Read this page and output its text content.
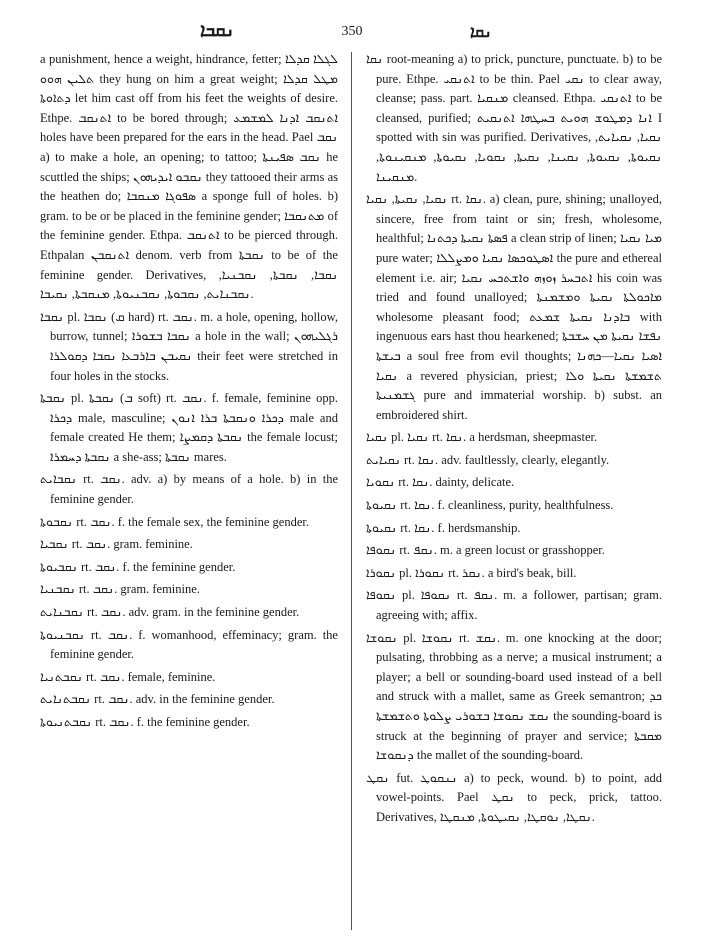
ܢܩܒܐ	350	ܢܩܐ

a punishment, hence a weight, hindrance, fetter; ܠܓܠܐ ܩܕܠܐ ܬܠܝܢ ܗܘܘ they hung on him a great weight; ܡܛܠ ܩܕܠܐ ܕܬܐܘܬܐ let him cast off from his feet the weights of desire. Ethpe. ܐܬܢܩܒ to be bored through; ܐܬܢܩܒ ܐܕܢܐ ܠܡܫܡܥ holes have been prepared for the ears in the head. Pael ܢܩܒ a) to make a hole, an opening; to tattoo; ܢܩܒ ܣܦܝܢܬܐ he scuttled the ships; ܢܩܒܘ ܐܝܕܝܗܘܢ they tattooed their arms as the heathen do; ܣܦܘܓܐ ܡܢܩܒܐ a sponge full of holes. b) gram. to be or be placed in the feminine gender; ܡܬܢܩܒܐ of the feminine gender. Ethpa. ܐܬܢܩܒ to be pierced through. Ethpalan ܐܬܢܩܒܢ denom. verb from ܢܩܒܬܐ to be of the feminine gender. Derivatives, ܢܩܒܐ, ܢܩܒܬܐ, ܢܩܒܢܝܐ, ܢܩܒܢܐܝܬ, ܢܩܒܘܬܐ, ܢܩܒܢܝܘܬܐ, ܡܢܩܒܬܐ, ܢܩܝܒܐ.

ܢܩܒܐ pl. ܢܩܒܐ (ܩ hard) rt. ܢܩܒ. m. a hole, opening, hollow, burrow, tunnel; ܢܩܒܐ ܒܫܘܪܐ a hole in the wall; ܪܓܠܝܗܘܢ ܢܩܝܒܢ ܒܐܪܒܥܐ ܢܩܒܐ ܕܩܘܠܪܐ their feet were stretched in four holes in the stocks.

ܢܩܒܬܐ pl. ܢܩܒܬܐ (ܒ soft) rt. ܢܩܒ. f. female, feminine opp. ܕܟܪܐ male, masculine; ܕܟܪܐ ܘܢܩܒܬܐ ܒܪܐ ܐܢܘܢ male and female created He them; ܢܩܒܬܐ ܕܩܡܨܐ the female locust; ܢܩܒܬܐ ܕܚܡܪܐ a she-ass; ܢܩܒܬܐ mares.

ܢܩܒܐܝܬ rt. ܢܩܒ. adv. a) by means of a hole. b) in the feminine gender.

ܢܩܒܘܬܐ rt. ܢܩܒ. f. the female sex, the feminine gender.

ܢܩܒܝܐ rt. ܢܩܒ. gram. feminine.

ܢܩܒܝܘܬܐ rt. ܢܩܒ. f. the feminine gender.

ܢܩܒܢܝܐ rt. ܢܩܒ. gram. feminine.

ܢܩܒܢܐܝܬ rt. ܢܩܒ. adv. gram. in the feminine gender.

ܢܩܒܢܝܘܬܐ rt. ܢܩܒ. f. womanhood, effeminacy; gram. the feminine gender.

ܢܩܒܬܢܝܐ rt. ܢܩܒ. female, feminine.

ܢܩܒܬܢܐܝܬ rt. ܢܩܒ. adv. in the feminine gender.

ܢܩܒܬܢܝܘܬܐ rt. ܢܩܒ. f. the feminine gender.

ܢܩܐ root-meaning a) to prick, puncture, punctuate. b) to be pure. Ethpe. ܐܬܢܩܝ to be thin. Pael ܢܩܝ to clear away, cleanse; pass. part. ܡܢܩܝܐ cleansed. Ethpa. ܐܬܢܩܝ to be cleansed, purified; ܐܢܐ ܕܡܛܘܫ ܗܘܝܬ ܒܚܛܗܐ ܐܬܢܩܝܬ I spotted with sin was purified. Derivatives, ܢܩܝܐ, ܢܩܝܐܝܬ, ܢܩܝܘܬܐ, ܢܩܝܘܬܐ, ܢܩܝܢܐ, ܢܩܝܬܐ, ܢܩܘܝܐ, ܢܩܝܘܬܐ, ܡܢܩܝܢܘܬܐ, ܡܢܩܝܢܐ.

ܢܩܝܐ, ܢܩܝܬܐ, ܢܩܝܐ rt. ܢܩܐ. a) clean, pure, shining; unalloyed, sincere, free from taint or sin; fresh, wholesome, healthful; ܦܣܬܐ ܢܩܝܬܐ ܕܟܬܢܐ a clean strip of linen; ܡܝܐ ܢܩܝܐ pure water; ܐܣܛܘܟܣܐ ܢܩܝܐ ܘܡܨܠܠܐ the pure and ethereal element i.e. air; ܐܬܒܚܪ ܙܘܙܗ ܘܐܫܬܟܚ ܢܩܝܐ his coin was tried and found unalloyed; ܡܐܟܘܠܬܐ ܢܩܝܬܐ ܘܡܫܡܢܬܐ wholesome pleasant food; ܒܐܕܢܐ ܢܩܝܬܐ ܫܡܥܬ with ingenuous ears hast thou hearkened; ܢܦܫܐ ܢܩܝܬܐ ܡܢ ܚܫܒܬܐ ܒܝܫܬܐ a soul free from evil thoughts; ܐܣܝܐ ܢܩܝܐ—ܟܗܢܐ ܢܩܝܐ a revered physician, priest; ܬܫܡܫܬܐ ܢܩܝܬܐ ܘܠܐ ܓܫܡܢܝܬܐ pure and immaterial worship. b) subst. an embroidered shirt.

ܢܩܝܐ pl. ܢܩܝܐ rt. ܢܩܐ. a herdsman, sheepmaster.

ܢܩܝܐܝܬ rt. ܢܩܐ. adv. faultlessly, clearly, elegantly.

ܢܩܘܝܐ rt. ܢܩܐ. dainty, delicate.

ܢܩܝܘܬܐ rt. ܢܩܐ. f. cleanliness, purity, healthfulness.

ܢܩܝܘܬܐ rt. ܢܩܐ. f. herdsmanship.

ܢܩܘܦܐ rt. ܢܩܦ. m. a green locust or grasshopper.

ܢܩܘܪܐ pl. ܢܩܘܪܐ rt. ܢܩܪ. a bird's beak, bill.

ܢܩܘܦܐ pl. ܢܩܘܦܐ rt. ܢܩܦ. m. a follower, partisan; gram. agreeing with; affix.

ܢܩܘܫܐ pl. ܢܩܘܫܐ rt. ܢܩܫ. m. one knocking at the door; pulsating, throbbing as a nerve; a musical instrument; a player; a bell or sounding-board used instead of a bell and struck with a mallet, same as Greek semantron; ܟܕ ܢܩܫ ܢܩܘܫܐ ܒܫܘܪܝ ܨܠܘܬܐ ܘܬܫܡܫܬܐ the sounding-board is struck at the beginning of prayer and service; ܡܩܒܬܐ ܕܢܩܘܫܐ the mallet of the sounding-board.

ܢܩܛ fut. ܢܢܩܘܛ a) to peck, wound. b) to point, add vowel-points. Pael ܢܩܛ to peck, prick, tattoo. Derivatives, ܢܩܛܐ, ܢܘܩܛܐ, ܢܩܝܛܘܬܐ, ܡܢܩܛܐ.
